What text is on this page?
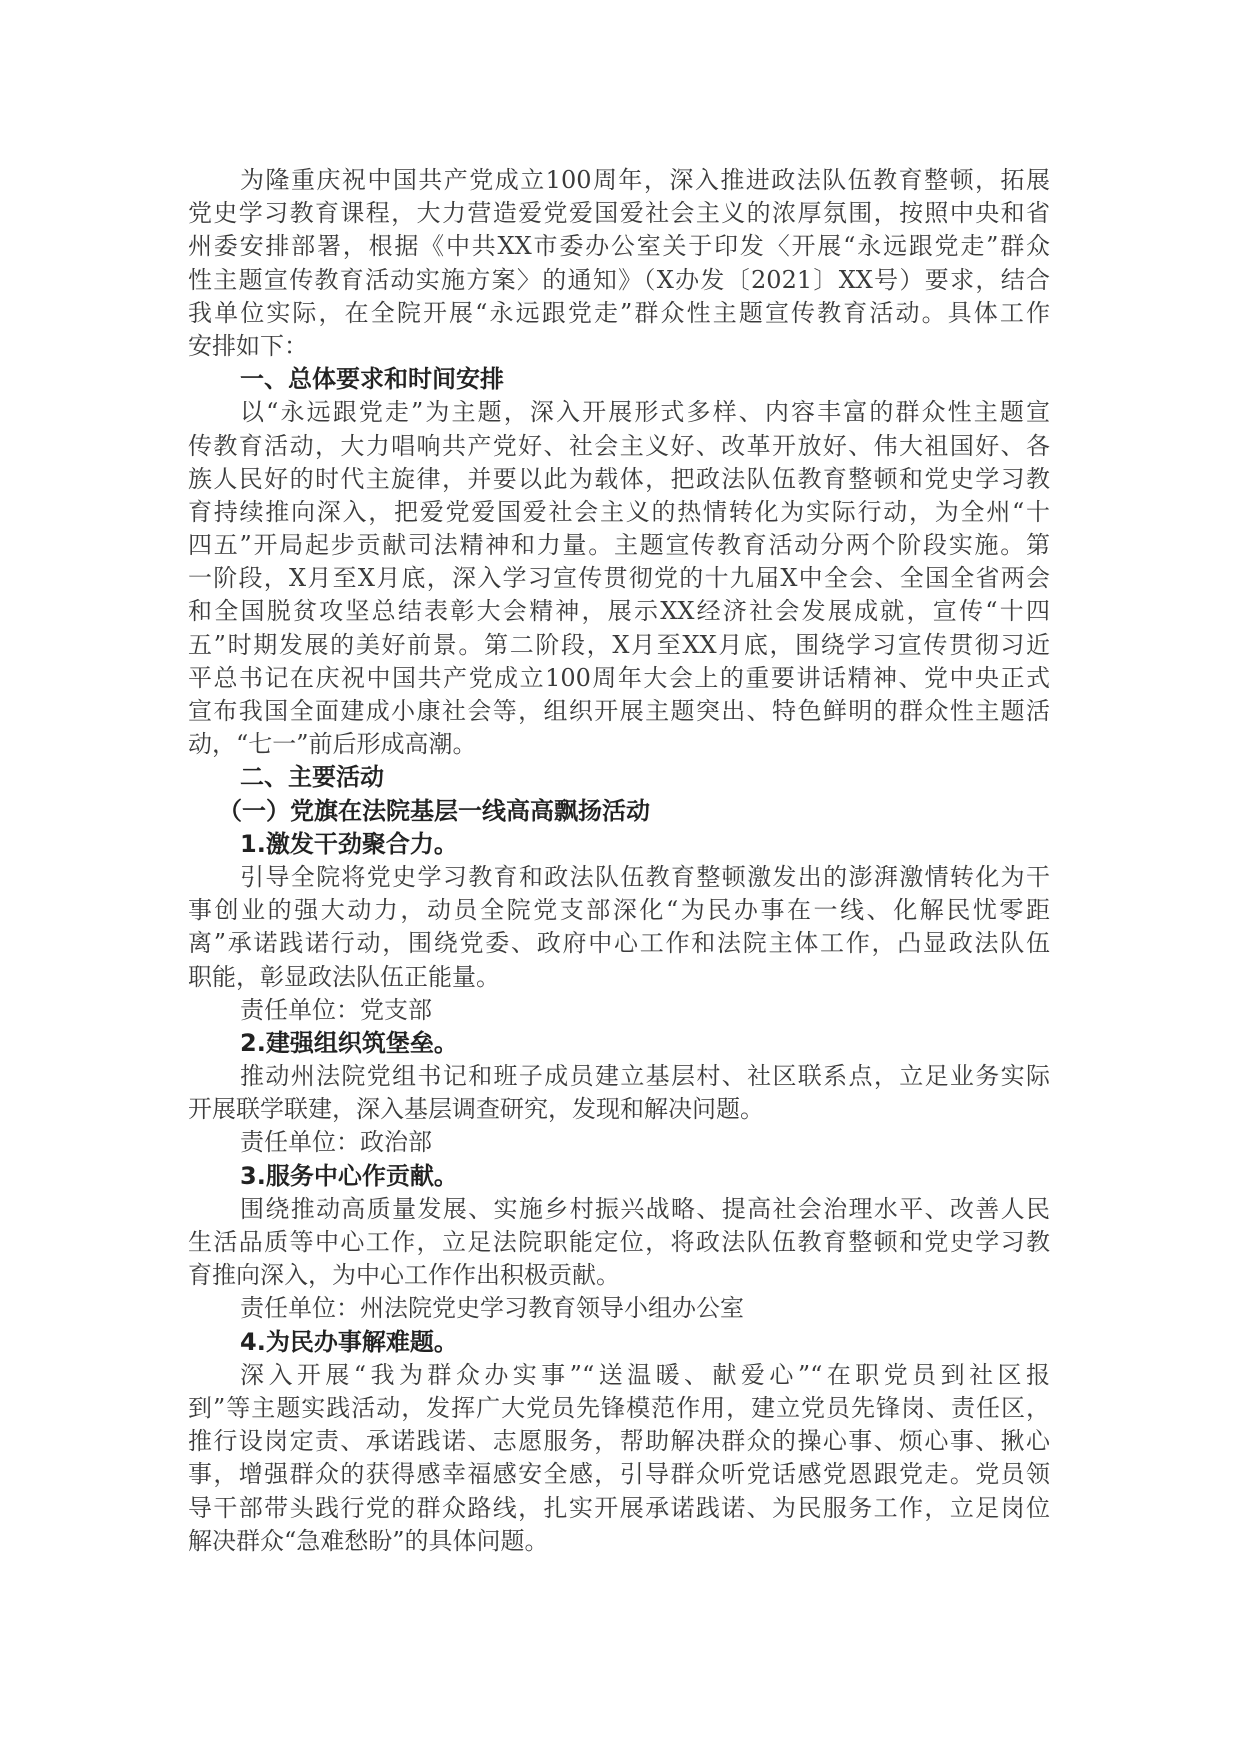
为隆重庆祝中国共产党成立100周年，深入推进政法队伍教育整顿，拓展
党史学习教育课程，大力营造爱党爱国爱社会主义的浓厚氛围，按照中央和省
州委安排部署，根据《中共XX市委办公室关于印发〈开展“永远跟党走”群众
性主题宣传教育活动实施方案〉的通知》（X办发〔2021〕XX号）要求，结合
我单位实际，在全院开展“永远跟党走”群众性主题宣传教育活动。具体工作
安排如下：
一、总体要求和时间安排
以“永远跟党走”为主题，深入开展形式多样、内容丰富的群众性主题宣
传教育活动，大力唱响共产党好、社会主义好、改革开放好、伟大祖国好、各
族人民好的时代主旋律，并要以此为载体，把政法队伍教育整顿和党史学习教
育持续推向深入，把爱党爱国爱社会主义的热情转化为实际行动，为全州“十
四五”开局起步贡献司法精神和力量。主题宣传教育活动分两个阶段实施。第
一阶段，X月至X月底，深入学习宣传贯彻党的十九届X中全会、全国全省两会
和全国脱贫攻坚总结表彰大会精神，展示XX经济社会发展成就，宣传“十四
五”时期发展的美好前景。第二阶段，X月至XX月底，围绕学习宣传贯彻习近
平总书记在庆祝中国共产党成立100周年大会上的重要讲话精神、党中央正式
宣布我国全面建成小康社会等，组织开展主题突出、特色鲜明的群众性主题活
动，“七一”前后形成高潮。
二、主要活动
（一）党旗在法院基层一线高高飘扬活动
1.激发干劲聚合力。
引导全院将党史学习教育和政法队伍教育整顿激发出的澎湃激情转化为干
事创业的强大动力，动员全院党支部深化“为民办事在一线、化解民忧零距
离”承诺践诺行动，围绕党委、政府中心工作和法院主体工作，凸显政法队伍
职能，彰显政法队伍正能量。
责任单位：党支部
2.建强组织筑堡垒。
推动州法院党组书记和班子成员建立基层村、社区联系点，立足业务实际
开展联学联建，深入基层调查研究，发现和解决问题。
责任单位：政治部
3.服务中心作贡献。
围绕推动高质量发展、实施乡村振兴战略、提高社会治理水平、改善人民
生活品质等中心工作，立足法院职能定位，将政法队伍教育整顿和党史学习教
育推向深入，为中心工作作出积极贡献。
责任单位：州法院党史学习教育领导小组办公室
4.为民办事解难题。
深入开展“我为群众办实事”“送温暖、献爱心”“在职党员到社区报
到”等主题实践活动，发挥广大党员先锋模范作用，建立党员先锋岗、责任区，
推行设岗定责、承诺践诺、志愿服务，帮助解决群众的操心事、烦心事、揪心
事，增强群众的获得感幸福感安全感，引导群众听党话感党恩跟党走。党员领
导干部带头践行党的群众路线，扎实开展承诺践诺、为民服务工作，立足岗位
解决群众“急难愁盼”的具体问题。
